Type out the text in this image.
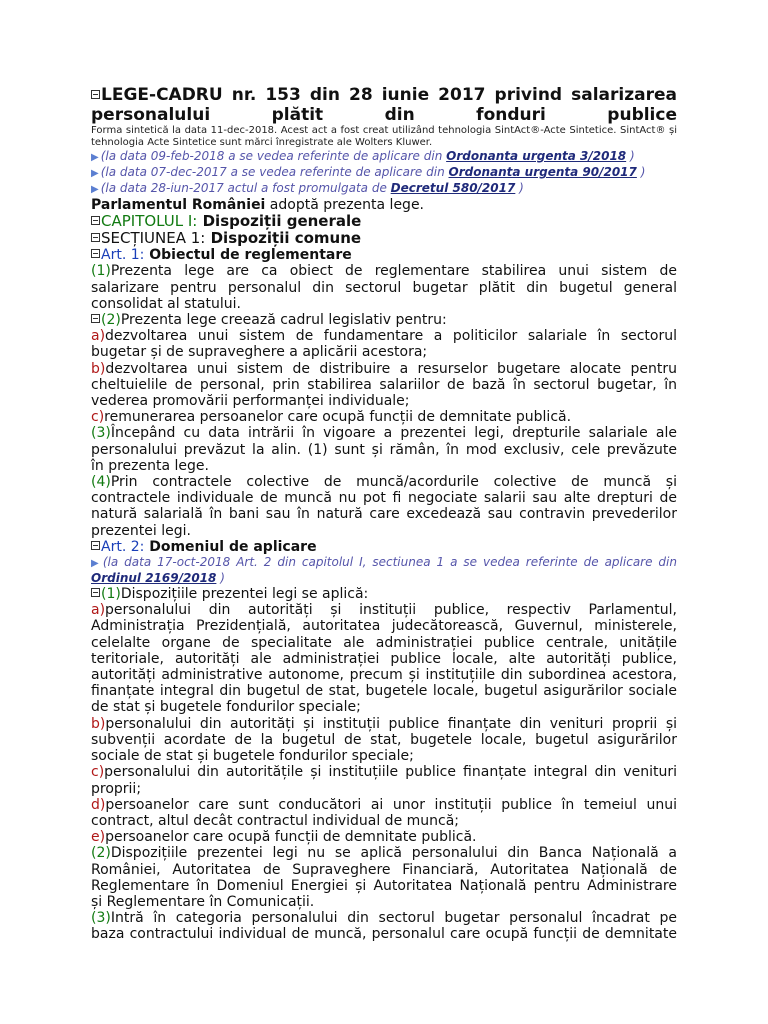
LEGE-CADRU nr. 153 din 28 iunie 2017 privind salarizarea
personalului plătit din fonduri publice
Forma sintetică la data 11-dec-2018. Acest act a fost creat utilizând tehnologia SintAct®-Acte Sintetice. SintAct® și
tehnologia Acte Sintetice sunt mărci înregistrate ale Wolters Kluwer.
▶ (la data 09-feb-2018 a se vedea referinte de aplicare din Ordonanta urgenta 3/2018 )
▶ (la data 07-dec-2017 a se vedea referinte de aplicare din Ordonanta urgenta 90/2017 )
▶ (la data 28-iun-2017 actul a fost promulgata de Decretul 580/2017 )
Parlamentul României adoptă prezenta lege.
CAPITOLUL I: Dispoziții generale
SECȚIUNEA 1: Dispoziții comune
Art. 1: Obiectul de reglementare
(1)Prezenta lege are ca obiect de reglementare stabilirea unui sistem de
salarizare pentru personalul din sectorul bugetar plătit din bugetul general
consolidat al statului.
(2)Prezenta lege creează cadrul legislativ pentru:
a)dezvoltarea unui sistem de fundamentare a politicilor salariale în sectorul
bugetar și de supraveghere a aplicării acestora;
b)dezvoltarea unui sistem de distribuire a resurselor bugetare alocate pentru
cheltuielile de personal, prin stabilirea salariilor de bază în sectorul bugetar, în
vederea promovării performanței individuale;
c)remunerarea persoanelor care ocupă funcții de demnitate publică.
(3)Începând cu data intrării în vigoare a prezentei legi, drepturile salariale ale
personalului prevăzut la alin. (1) sunt și rămân, în mod exclusiv, cele prevăzute
în prezenta lege.
(4)Prin contractele colective de muncă/acordurile colective de muncă și
contractele individuale de muncă nu pot fi negociate salarii sau alte drepturi de
natură salarială în bani sau în natură care excedează sau contravin prevederilor
prezentei legi.
Art. 2: Domeniul de aplicare
▶ (la data 17-oct-2018 Art. 2 din capitolul I, sectiunea 1 a se vedea referinte de aplicare din
Ordinul 2169/2018 )
(1)Dispozițiile prezentei legi se aplică:
a)personalului din autorități și instituții publice, respectiv Parlamentul,
Administrația Prezidențială, autoritatea judecătorească, Guvernul, ministerele,
celelalte organe de specialitate ale administrației publice centrale, unitățile
teritoriale, autorități ale administrației publice locale, alte autorități publice,
autorități administrative autonome, precum și instituțiile din subordinea acestora,
finanțate integral din bugetul de stat, bugetele locale, bugetul asigurărilor sociale
de stat și bugetele fondurilor speciale;
b)personalului din autorități și instituții publice finanțate din venituri proprii și
subvenții acordate de la bugetul de stat, bugetele locale, bugetul asigurărilor
sociale de stat și bugetele fondurilor speciale;
c)personalului din autoritățile și instituțiile publice finanțate integral din venituri
proprii;
d)persoanelor care sunt conducători ai unor instituții publice în temeiul unui
contract, altul decât contractul individual de muncă;
e)persoanelor care ocupă funcții de demnitate publică.
(2)Dispozițiile prezentei legi nu se aplică personalului din Banca Națională a
României, Autoritatea de Supraveghere Financiară, Autoritatea Națională de
Reglementare în Domeniul Energiei și Autoritatea Națională pentru Administrare
și Reglementare în Comunicații.
(3)Intră în categoria personalului din sectorul bugetar personalul încadrat pe
baza contractului individual de muncă, personalul care ocupă funcții de demnitate
